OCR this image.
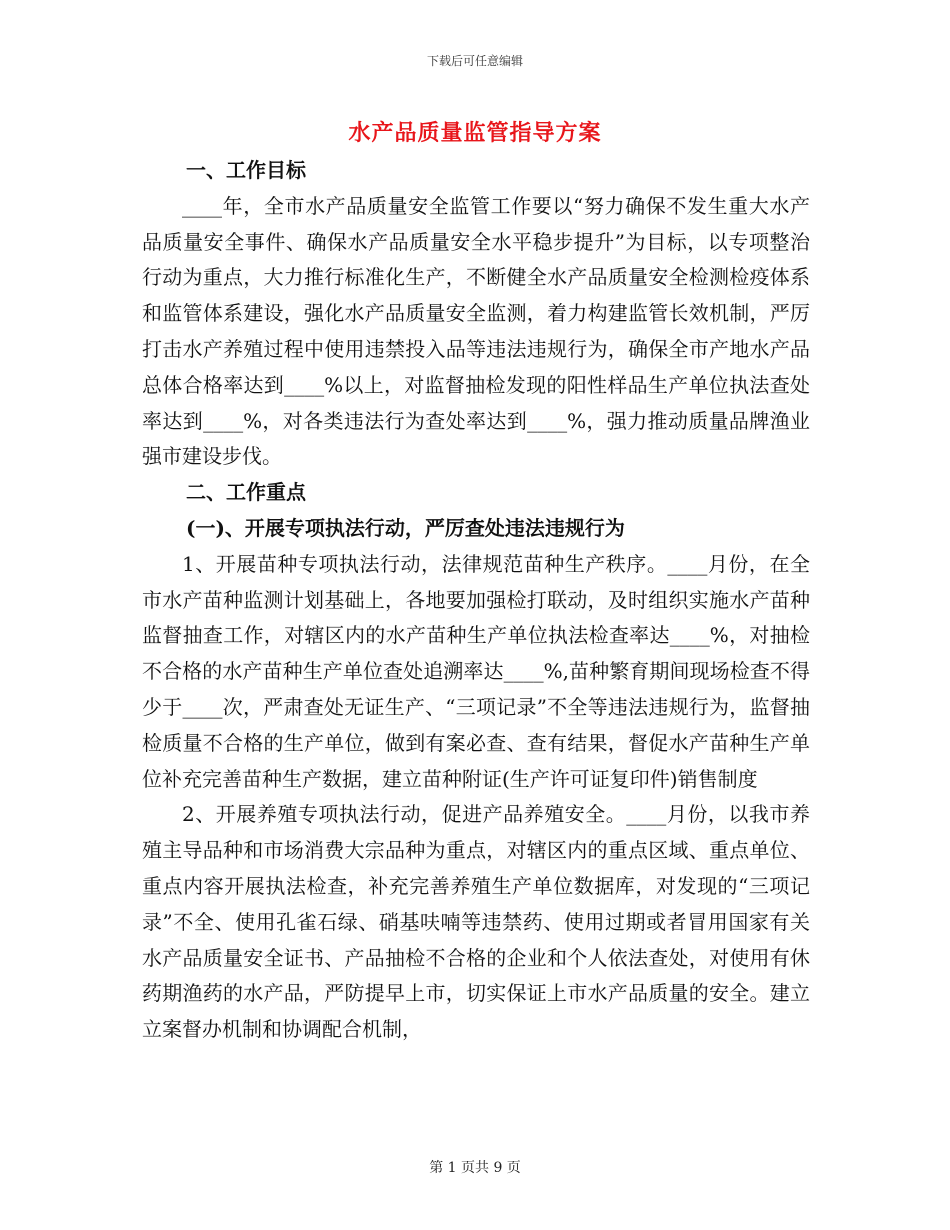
下载后可任意编辑
水产品质量监管指导方案

一、工作目标

____年，全市水产品质量安全监管工作要以“努力确保不发生重大水产品质量安全事件、确保水产品质量安全水平稳步提升”为目标，以专项整治行动为重点，大力推行标准化生产，不断健全水产品质量安全检测检疫体系和监管体系建设，强化水产品质量安全监测，着力构建监管长效机制，严厉打击水产养殖过程中使用违禁投入品等违法违规行为，确保全市产地水产品总体合格率达到____%以上，对监督抽检发现的阳性样品生产单位执法查处率达到____%，对各类违法行为查处率达到____%，强力推动质量品牌渔业强市建设步伐。

二、工作重点

(一)、开展专项执法行动，严厉查处违法违规行为

1、开展苗种专项执法行动，法律规范苗种生产秩序。____月份，在全市水产苗种监测计划基础上，各地要加强检打联动，及时组织实施水产苗种监督抽查工作，对辖区内的水产苗种生产单位执法检查率达____%，对抽检不合格的水产苗种生产单位查处追溯率达____%,苗种繁育期间现场检查不得少于____次，严肃查处无证生产、“三项记录”不全等违法违规行为，监督抽检质量不合格的生产单位，做到有案必查、查有结果，督促水产苗种生产单位补充完善苗种生产数据，建立苗种附证(生产许可证复印件)销售制度

2、开展养殖专项执法行动，促进产品养殖安全。____月份，以我市养殖主导品种和市场消费大宗品种为重点，对辖区内的重点区域、重点单位、重点内容开展执法检查，补充完善养殖生产单位数据库，对发现的“三项记录”不全、使用孔雀石绿、硝基呋喃等违禁药、使用过期或者冒用国家有关水产品质量安全证书、产品抽检不合格的企业和个人依法查处，对使用有休药期渔药的水产品，严防提早上市，切实保证上市水产品质量的安全。建立立案督办机制和协调配合机制，

第 1 页共 9 页
